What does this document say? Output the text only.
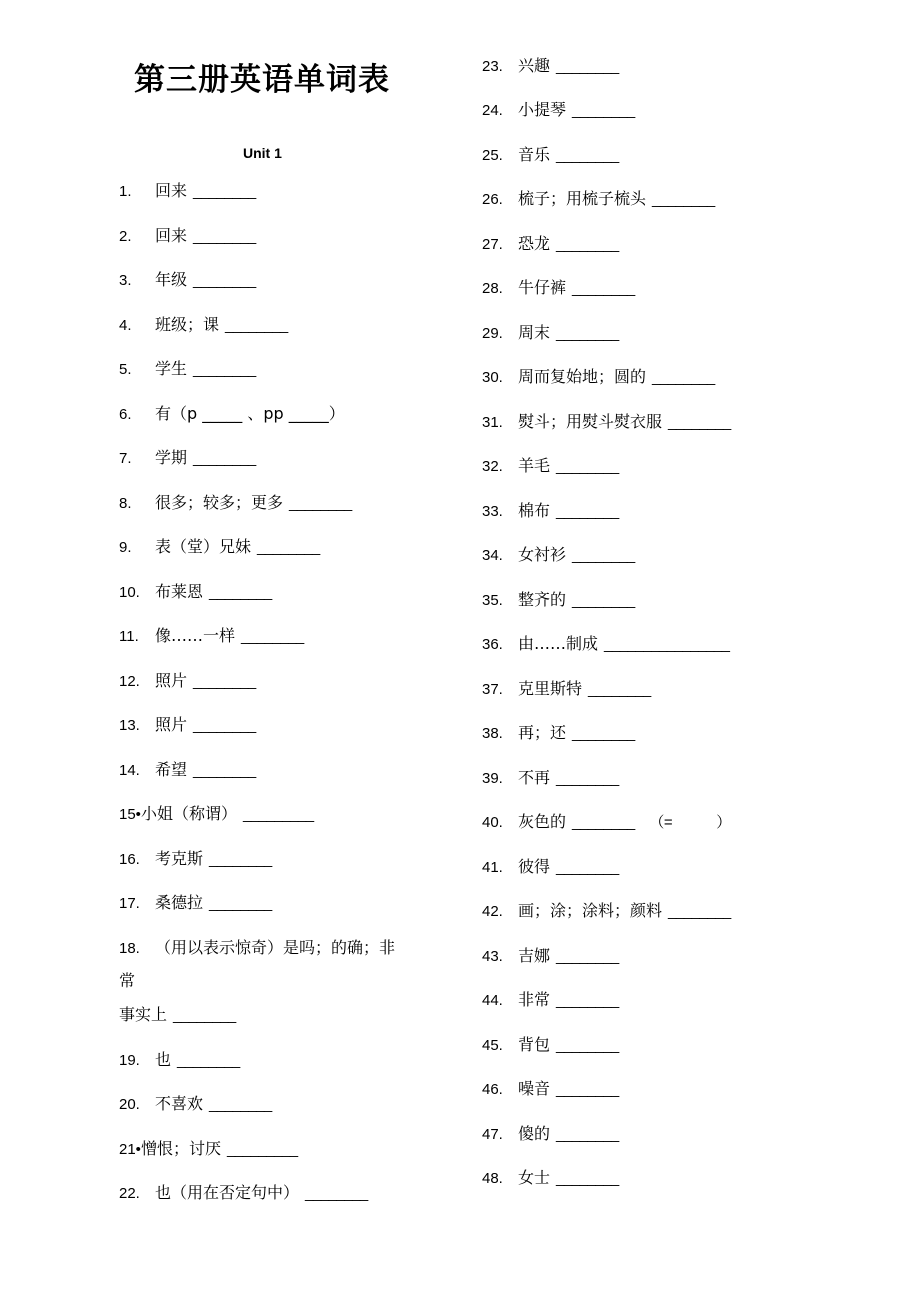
第三册英语单词表
Unit 1
1. 回来 ________
2. 回来 ________
3. 年级 ________
4. 班级；课 ________
5. 学生 ________
6. 有（p _____ 、pp _____）
7. 学期 ________
8. 很多；较多；更多 ________
9. 表（堂）兄妹 ________
10. 布莱恩 ________
11. 像……一样 ________
12. 照片 ________
13. 照片 ________
14. 希望 ________
15•小姐（称谓） _________
16. 考克斯 ________
17. 桑德拉 ________
18. （用以表示惊奇）是吗；的确；非常
事实上 ________
19. 也 ________
20. 不喜欢 ________
21•憎恨；讨厌 _________
22. 也（用在否定句中） ________
23. 兴趣 ________
24. 小提琴 ________
25. 音乐 ________
26. 梳子；用梳子梳头 ________
27. 恐龙 ________
28. 牛仔裤 ________
29. 周末 ________
30. 周而复始地；圆的 ________
31. 熨斗；用熨斗熨衣服 ________
32. 羊毛 ________
33. 棉布 ________
34. 女衬衫 ________
35. 整齐的 ________
36. 由……制成 ________________
37. 克里斯特 ________
38. 再；还 ________
39. 不再 ________
40. 灰色的 ________    （=            ）
41. 彼得 ________
42. 画；涂；涂料；颜料 ________
43. 吉娜 ________
44. 非常 ________
45. 背包 ________
46. 噪音 ________
47. 傻的 ________
48. 女士 ________
